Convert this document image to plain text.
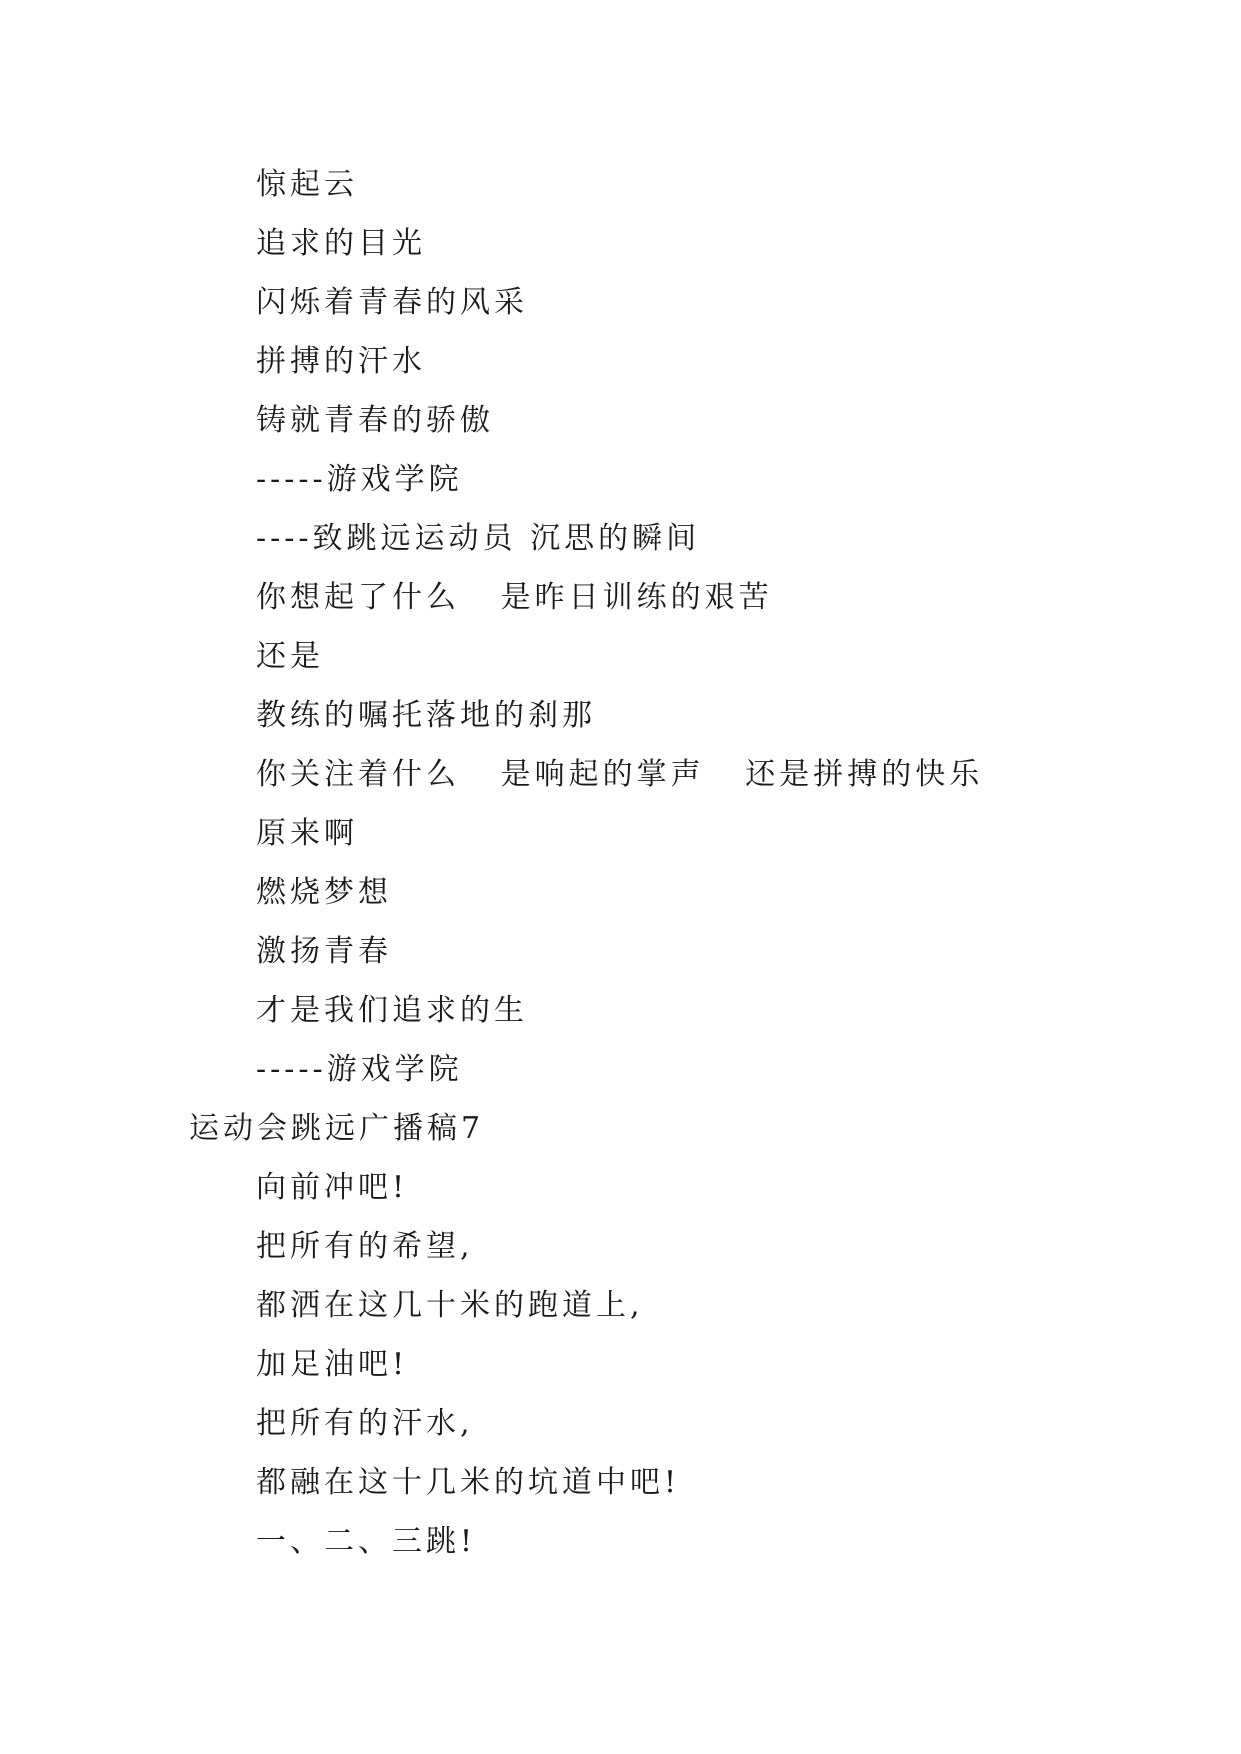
惊起云
追求的目光
闪烁着青春的风采
拼搏的汗水
铸就青春的骄傲
-----游戏学院
----致跳远运动员 沉思的瞬间
你想起了什么   是昨日训练的艰苦
还是
教练的嘱托落地的刹那
你关注着什么   是响起的掌声   还是拼搏的快乐
原来啊
燃烧梦想
激扬青春
才是我们追求的生
-----游戏学院
运动会跳远广播稿7
向前冲吧!
把所有的希望,
都洒在这几十米的跑道上,
加足油吧!
把所有的汗水,
都融在这十几米的坑道中吧!
一、二、三跳!
